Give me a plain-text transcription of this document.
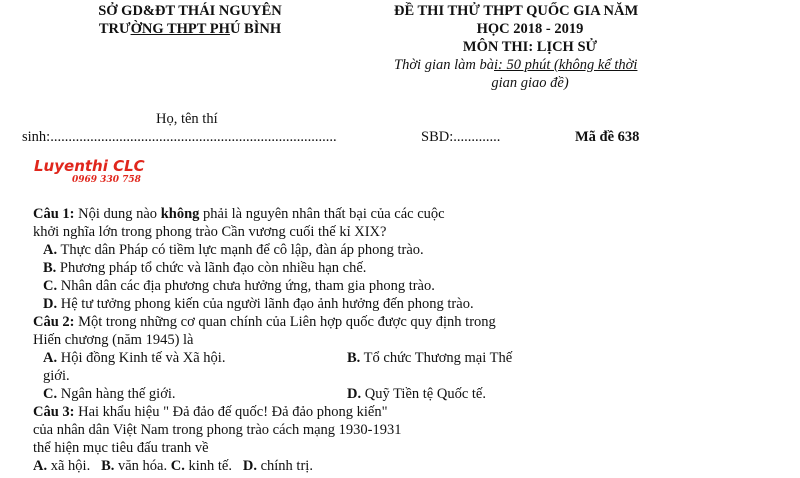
SỞ GD&ĐT THÁI NGUYÊN
TRƯỜNG THPT PHÚ BÌNH
ĐỀ THI THỬ THPT QUỐC GIA NĂM
HỌC 2018 - 2019
MÔN THI: LỊCH SỬ
Thời gian làm bài: 50 phút (không kể thời
gian giao đề)
Họ, tên thí
sinh:...............................................................................	SBD:.............	Mã đề 638
Luyenthi CLC
0969 330 758
Câu 1: Nội dung nào không phải là nguyên nhân thất bại của các cuộc
khởi nghĩa lớn trong phong trào Cần vương cuối thế kỉ XIX?
A. Thực dân Pháp có tiềm lực mạnh để cô lập, đàn áp phong trào.
B. Phương pháp tổ chức và lãnh đạo còn nhiều hạn chế.
C. Nhân dân các địa phương chưa hưởng ứng, tham gia phong trào.
D. Hệ tư tưởng phong kiến của người lãnh đạo ảnh hưởng đến phong trào.
Câu 2: Một trong những cơ quan chính của Liên hợp quốc được quy định trong
Hiến chương (năm 1945) là
A. Hội đồng Kinh tế và Xã hội.	B. Tổ chức Thương mại Thế
giới.
C. Ngân hàng thế giới.	D. Quỹ Tiền tệ Quốc tế.
Câu 3: Hai khẩu hiệu " Đả đảo đế quốc! Đả đảo phong kiến"
của nhân dân Việt Nam trong phong trào cách mạng 1930-1931
thể hiện mục tiêu đấu tranh về
A. xã hội.   B. văn hóa. C. kinh tế.   D. chính trị.
